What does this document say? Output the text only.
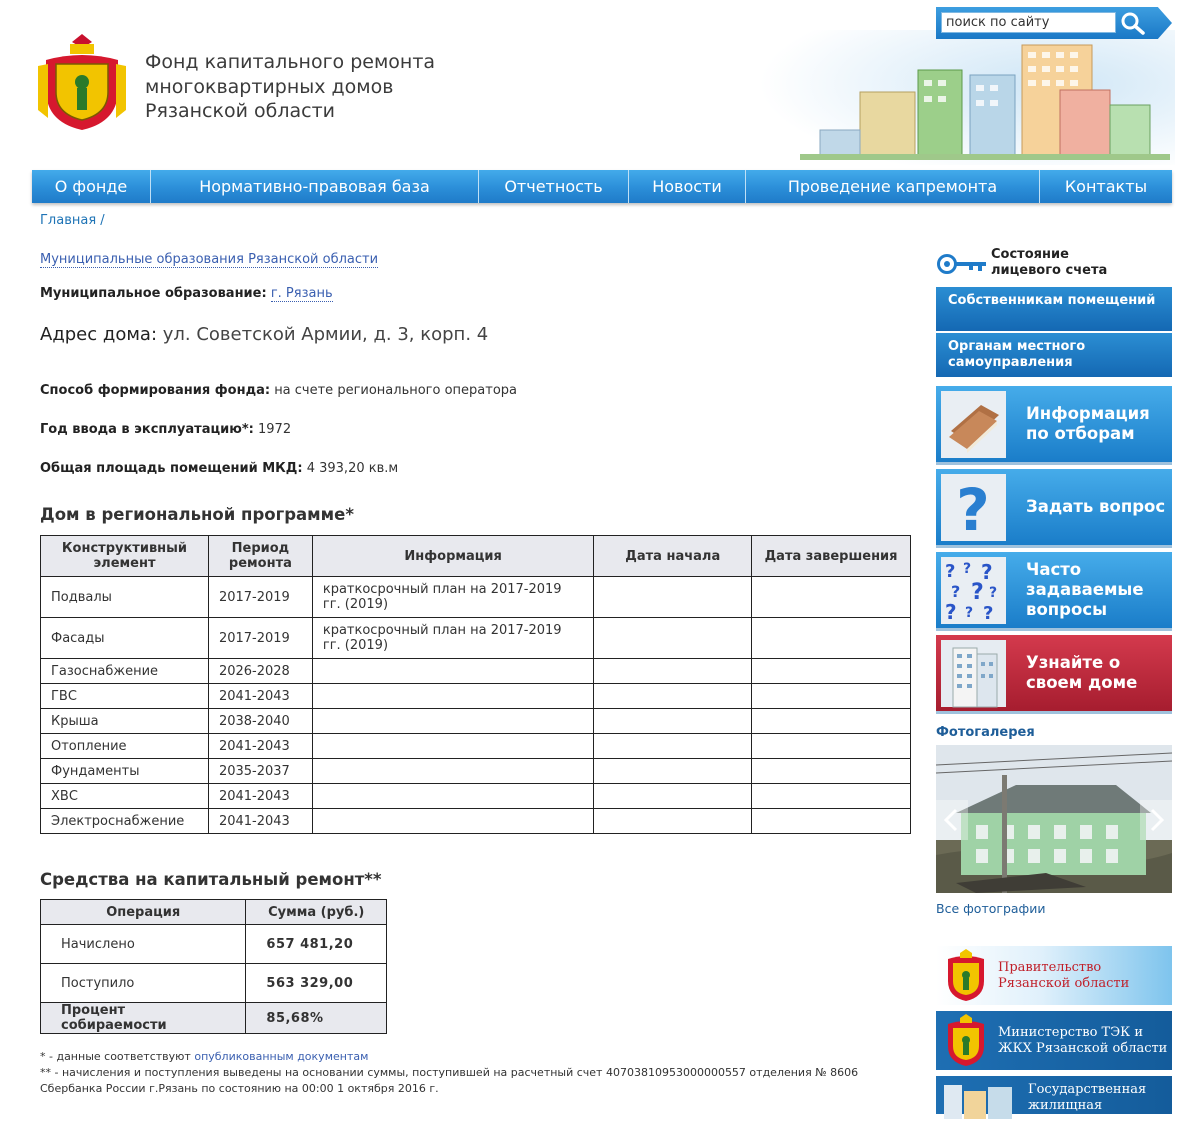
Фонд капитального ремонта
многоквартирных домов
Рязанской области
поиск по сайту
О фонде	Нормативно-правовая база	Отчетность	Новости	Проведение капремонта	Контакты
Главная /
Муниципальные образования Рязанской области
Муниципальное образование: г. Рязань
Адрес дома: ул. Советской Армии, д. 3, корп. 4
Способ формирования фонда: на счете регионального оператора
Год ввода в эксплуатацию*: 1972
Общая площадь помещений МКД: 4 393,20 кв.м
Дом в региональной программе*
Конструктивный элемент	Период ремонта	Информация	Дата начала	Дата завершения
Подвалы	2017-2019	краткосрочный план на 2017-2019 гг. (2019)		
Фасады	2017-2019	краткосрочный план на 2017-2019 гг. (2019)		
Газоснабжение	2026-2028			
ГВС	2041-2043			
Крыша	2038-2040			
Отопление	2041-2043			
Фундаменты	2035-2037			
ХВС	2041-2043			
Электроснабжение	2041-2043			
Средства на капитальный ремонт**
Операция	Сумма (руб.)
Начислено	657 481,20
Поступило	563 329,00
Процент собираемости	85,68%
* - данные соответствуют опубликованным документам
** - начисления и поступления выведены на основании суммы, поступившей на расчетный счет 40703810953000000557 отделения № 8606 Сбербанка России г.Рязань по состоянию на 00:00 1 октября 2016 г.
Состояние лицевого счета
Собственникам помещений
Органам местного самоуправления
Информация по отборам
? Задать вопрос
? ? ?
? ? ?
? ? ?
Часто задаваемые вопросы
Узнайте о своем доме
Фотогалерея
Все фотографии
Правительство Рязанской области
Министерство ТЭК и ЖКХ Рязанской области
Государственная жилищная инспекция
